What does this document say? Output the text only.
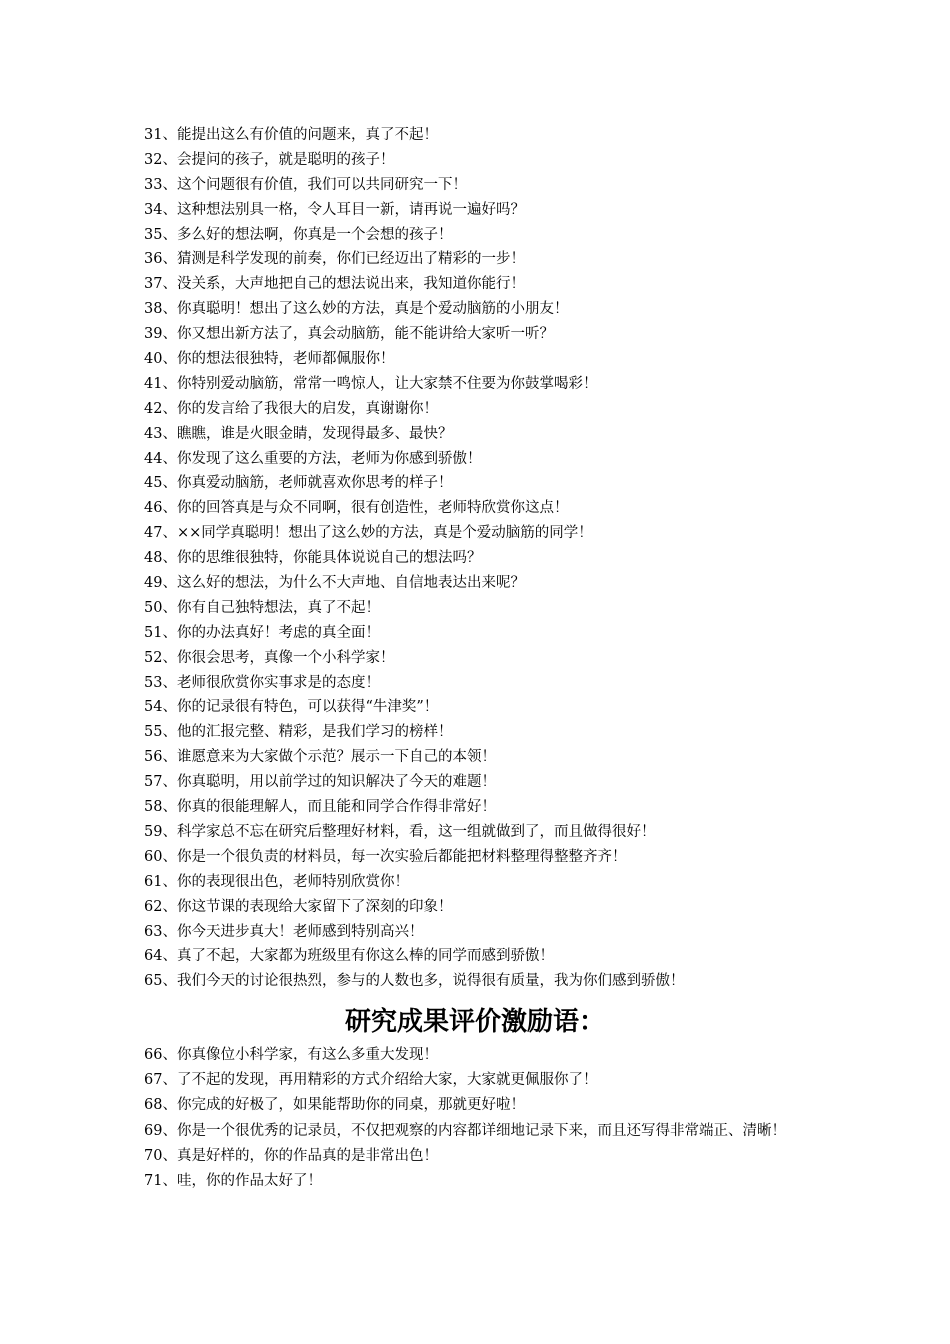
31、能提出这么有价值的问题来，真了不起！
32、会提问的孩子，就是聪明的孩子！
33、这个问题很有价值，我们可以共同研究一下！
34、这种想法别具一格，令人耳目一新，请再说一遍好吗？
35、多么好的想法啊，你真是一个会想的孩子！
36、猜测是科学发现的前奏，你们已经迈出了精彩的一步！
37、没关系，大声地把自己的想法说出来，我知道你能行！
38、你真聪明！想出了这么妙的方法，真是个爱动脑筋的小朋友！
39、你又想出新方法了，真会动脑筋，能不能讲给大家听一听？
40、你的想法很独特，老师都佩服你！
41、你特别爱动脑筋，常常一鸣惊人，让大家禁不住要为你鼓掌喝彩！
42、你的发言给了我很大的启发，真谢谢你！
43、瞧瞧，谁是火眼金睛，发现得最多、最快？
44、你发现了这么重要的方法，老师为你感到骄傲！
45、你真爱动脑筋，老师就喜欢你思考的样子！
46、你的回答真是与众不同啊，很有创造性，老师特欣赏你这点！
47、××同学真聪明！想出了这么妙的方法，真是个爱动脑筋的同学！
48、你的思维很独特，你能具体说说自己的想法吗？
49、这么好的想法，为什么不大声地、自信地表达出来呢？
50、你有自己独特想法，真了不起！
51、你的办法真好！考虑的真全面！
52、你很会思考，真像一个小科学家！
53、老师很欣赏你实事求是的态度！
54、你的记录很有特色，可以获得“牛津奖”！
55、他的汇报完整、精彩，是我们学习的榜样！
56、谁愿意来为大家做个示范？展示一下自己的本领！
57、你真聪明，用以前学过的知识解决了今天的难题！
58、你真的很能理解人，而且能和同学合作得非常好！
59、科学家总不忘在研究后整理好材料，看，这一组就做到了，而且做得很好！
60、你是一个很负责的材料员，每一次实验后都能把材料整理得整整齐齐！
61、你的表现很出色，老师特别欣赏你！
62、你这节课的表现给大家留下了深刻的印象！
63、你今天进步真大！老师感到特别高兴！
64、真了不起，大家都为班级里有你这么棒的同学而感到骄傲！
65、我们今天的讨论很热烈，参与的人数也多，说得很有质量，我为你们感到骄傲！
研究成果评价激励语：
66、你真像位小科学家，有这么多重大发现！
67、了不起的发现，再用精彩的方式介绍给大家，大家就更佩服你了！
68、你完成的好极了，如果能帮助你的同桌，那就更好啦！
69、你是一个很优秀的记录员，不仅把观察的内容都详细地记录下来，而且还写得非常端正、清晰！
70、真是好样的，你的作品真的是非常出色！
71、哇，你的作品太好了！
